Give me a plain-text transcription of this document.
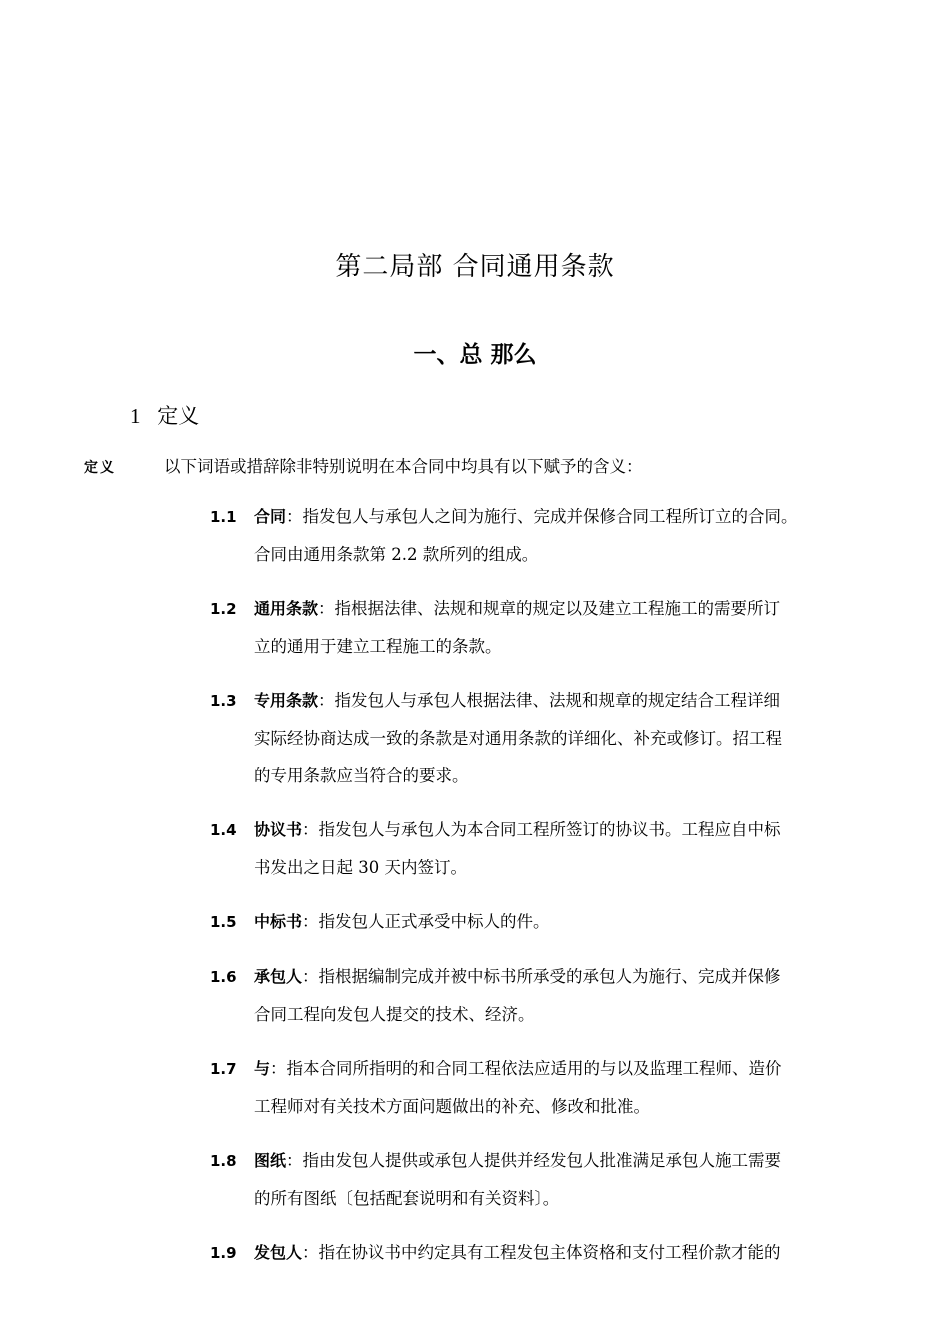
第二局部 合同通用条款
一、总 那么
1 定义
定义	以下词语或措辞除非特别说明在本合同中均具有以下赋予的含义：
1.1 合同：指发包人与承包人之间为施行、完成并保修合同工程所订立的合同。
合同由通用条款第 2.2 款所列的组成。
1.2 通用条款：指根据法律、法规和规章的规定以及建立工程施工的需要所订
立的通用于建立工程施工的条款。
1.3 专用条款：指发包人与承包人根据法律、法规和规章的规定结合工程详细
实际经协商达成一致的条款是对通用条款的详细化、补充或修订。招工程
的专用条款应当符合的要求。
1.4 协议书：指发包人与承包人为本合同工程所签订的协议书。工程应自中标
书发出之日起 30 天内签订。
1.5 中标书：指发包人正式承受中标人的件。
1.6 承包人：指根据编制完成并被中标书所承受的承包人为施行、完成并保修
合同工程向发包人提交的技术、经济。
1.7 与：指本合同所指明的和合同工程依法应适用的与以及监理工程师、造价
工程师对有关技术方面问题做出的补充、修改和批准。
1.8 图纸：指由发包人提供或承包人提供并经发包人批准满足承包人施工需要
的所有图纸〔包括配套说明和有关资料〕。
1.9 发包人：指在协议书中约定具有工程发包主体资格和支付工程价款才能的
